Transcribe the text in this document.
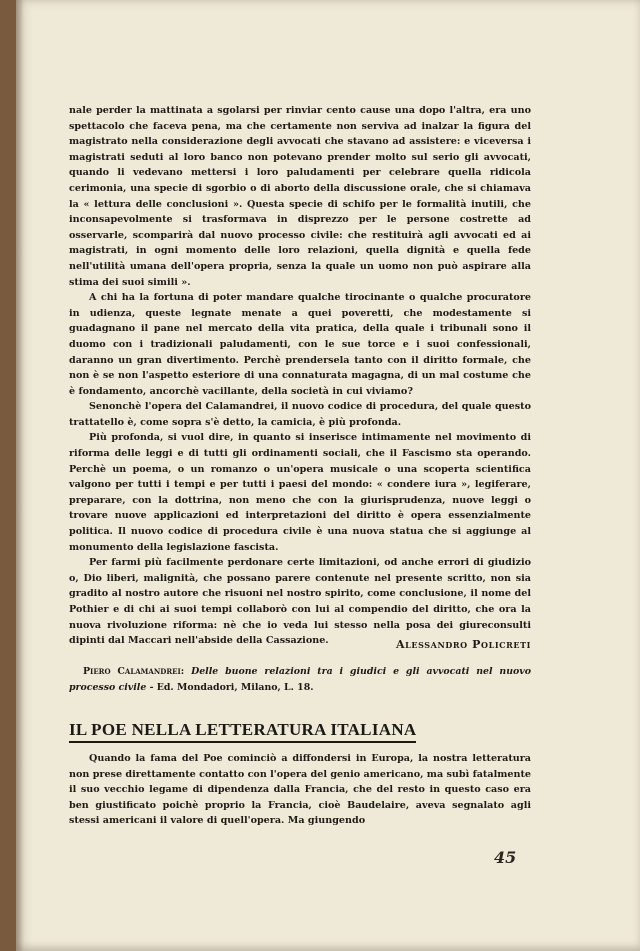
nale perder la mattinata a sgolarsi per rinviar cento cause una dopo l'altra, era uno spettacolo che faceva pena, ma che certamente non serviva ad inalzar la figura del magistrato nella considerazione degli avvocati che stavano ad assistere: e viceversa i magistrati seduti al loro banco non potevano prender molto sul serio gli avvocati, quando li vedevano mettersi i loro paludamenti per celebrare quella ridicola cerimonia, una specie di sgorbio o di aborto della discussione orale, che si chiamava la « lettura delle conclusioni ». Questa specie di schifo per le formalità inutili, che inconsapevolmente si trasformava in disprezzo per le persone costrette ad osservarle, scomparirà dal nuovo processo civile: che restituirà agli avvocati ed ai magistrati, in ogni momento delle loro relazioni, quella dignità e quella fede nell'utilità umana dell'opera propria, senza la quale un uomo non può aspirare alla stima dei suoi simili ».

A chi ha la fortuna di poter mandare qualche tirocinante o qualche procuratore in udienza, queste legnate menate a quei poveretti, che modestamente si guadagnano il pane nel mercato della vita pratica, della quale i tribunali sono il duomo con i tradizionali paludamenti, con le sue torce e i suoi confessionali, daranno un gran divertimento. Perchè prendersela tanto con il diritto formale, che non è se non l'aspetto esteriore di una connaturata magagna, di un mal costume che è fondamento, ancorchè vacillante, della società in cui viviamo?

Senonchè l'opera del Calamandrei, il nuovo codice di procedura, del quale questo trattatello è, come sopra s'è detto, la camicia, è più profonda.

Più profonda, si vuol dire, in quanto si inserisce intimamente nel movimento di riforma delle leggi e di tutti gli ordinamenti sociali, che il Fascismo sta operando. Perchè un poema, o un romanzo o un'opera musicale o una scoperta scientifica valgono per tutti i tempi e per tutti i paesi del mondo: « condere iura », legiferare, preparare, con la dottrina, non meno che con la giurisprudenza, nuove leggi o trovare nuove applicazioni ed interpretazioni del diritto è opera essenzialmente politica. Il nuovo codice di procedura civile è una nuova statua che si aggiunge al monumento della legislazione fascista.

Per farmi più facilmente perdonare certe limitazioni, od anche errori di giudizio o, Dio liberi, malignità, che possano parere contenute nel presente scritto, non sia gradito al nostro autore che risuoni nel nostro spirito, come conclusione, il nome del Pothier e di chi ai suoi tempi collaborò con lui al compendio del diritto, che ora la nuova rivoluzione riforma: nè che io veda lui stesso nella posa dei giureconsulti dipinti dal Maccari nell'abside della Cassazione.	Alessandro Policreti
Piero Calamandrei: Delle buone relazioni tra i giudici e gli avvocati nel nuovo processo civile - Ed. Mondadori, Milano, L. 18.
IL POE NELLA LETTERATURA ITALIANA

Quando la fama del Poe cominciò a diffondersi in Europa, la nostra letteratura non prese direttamente contatto con l'opera del genio americano, ma subì fatalmente il suo vecchio legame di dipendenza dalla Francia, che del resto in questo caso era ben giustificato poichè proprio la Francia, cioè Baudelaire, aveva segnalato agli stessi americani il valore di quell'opera. Ma giungendo

45
